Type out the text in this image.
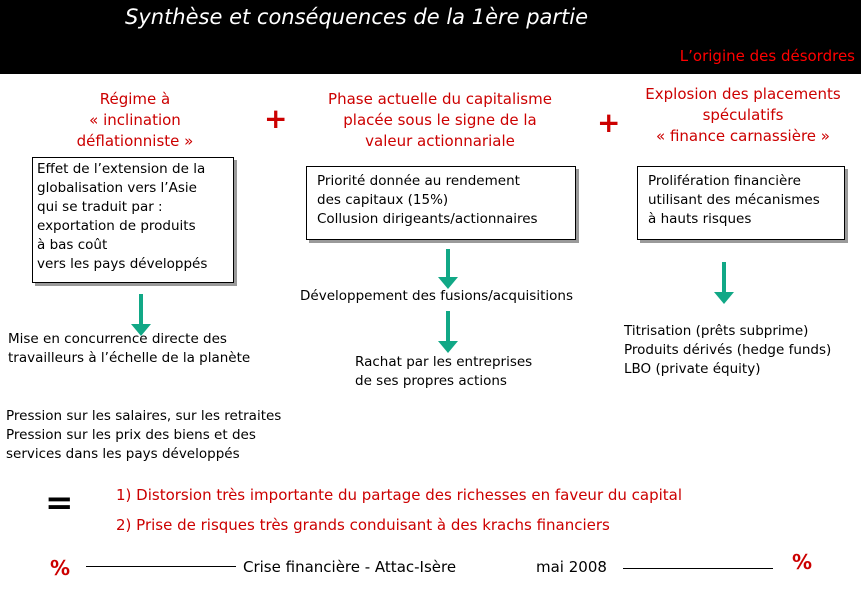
Synthèse et conséquences de la 1ère partie
L’origine des désordres
Régime à
« inclination
déflationniste »
+
Phase actuelle du capitalisme
placée sous le signe de la
valeur actionnariale
+
Explosion des placements
spéculatifs
« finance carnassière »
Effet de l’extension de la
globalisation vers l’Asie
qui se traduit par :
exportation de produits
à bas coût
vers les pays développés
Priorité donnée au rendement
des capitaux (15%)
Collusion dirigeants/actionnaires
Prolifération financière
utilisant des mécanismes
à hauts risques
Développement des fusions/acquisitions
Mise en concurrence directe des
travailleurs à l’échelle de la planète	Rachat par les entreprises
de ses propres actions
Titrisation (prêts subprime)
Produits dérivés (hedge funds)
LBO (private équity)
Pression sur les salaires, sur les retraites
Pression sur les prix des biens et des
services dans les pays développés
=	1) Distorsion très importante du partage des richesses en faveur du capital
2) Prise de risques très grands conduisant à des krachs financiers
%	Crise financière - Attac-Isère	mai 2008	%
